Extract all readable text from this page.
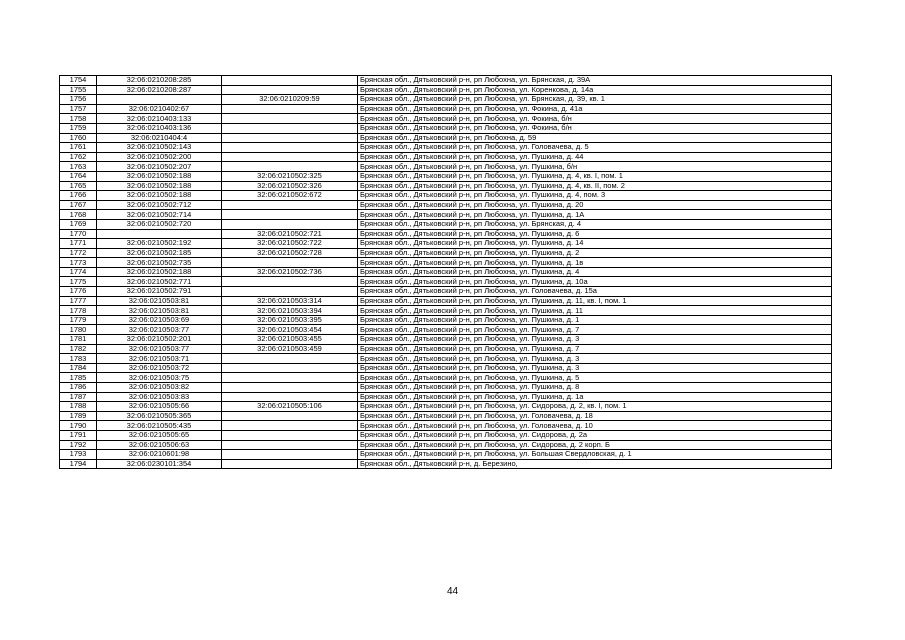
1754	32:06:0210208:285		Брянская обл., Дятьковский р-н, рп Любохна, ул. Брянская, д. 39А
1755	32:06:0210208:287		Брянская обл., Дятьковский р-н, рп Любохна, ул. Коренкова, д. 14а
1756		32:06:0210209:59	Брянская обл., Дятьковский р-н, рп Любохна, ул. Брянская, д. 39, кв. 1
1757	32:06:0210402:67		Брянская обл., Дятьковский р-н, рп Любохна, ул. Фокина, д. 41а
1758	32:06:0210403:133		Брянская обл., Дятьковский р-н, рп Любохна, ул. Фокина, б/н
1759	32:06:0210403:136		Брянская обл., Дятьковский р-н, рп Любохна, ул. Фокина, б/н
1760	32:06:0210404:4		Брянская обл., Дятьковский р-н, рп Любохна, д. 59
1761	32:06:0210502:143		Брянская обл., Дятьковский р-н, рп Любохна, ул. Головачева, д. 5
1762	32:06:0210502:200		Брянская обл., Дятьковский р-н, рп Любохна, ул. Пушкина, д. 44
1763	32:06:0210502:207		Брянская обл., Дятьковский р-н, рп Любохна, ул. Пушкина, б/н
1764	32:06:0210502:188	32:06:0210502:325	Брянская обл., Дятьковский р-н, рп Любохна, ул. Пушкина, д. 4, кв. I, пом. 1
1765	32:06:0210502:188	32:06:0210502:326	Брянская обл., Дятьковский р-н, рп Любохна, ул. Пушкина, д. 4, кв. II, пом. 2
1766	32:06:0210502:188	32:06:0210502:672	Брянская обл., Дятьковский р-н, рп Любохна, ул. Пушкина, д. 4, пом. 3
1767	32:06:0210502:712		Брянская обл., Дятьковский р-н, рп Любохна, ул. Пушкина, д. 20
1768	32:06:0210502:714		Брянская обл., Дятьковский р-н, рп Любохна, ул. Пушкина, д. 1А
1769	32:06:0210502:720		Брянская обл., Дятьковский р-н, рп Любохна, ул. Брянская, д. 4
1770		32:06:0210502:721	Брянская обл., Дятьковский р-н, рп Любохна, ул. Пушкина, д. 6
1771	32:06:0210502:192	32:06:0210502:722	Брянская обл., Дятьковский р-н, рп Любохна, ул. Пушкина, д. 14
1772	32:06:0210502:185	32:06:0210502:728	Брянская обл., Дятьковский р-н, рп Любохна, ул. Пушкина, д. 2
1773	32:06:0210502:735		Брянская обл., Дятьковский р-н, рп Любохна, ул. Пушкина, д. 1в
1774	32:06:0210502:188	32:06:0210502:736	Брянская обл., Дятьковский р-н, рп Любохна, ул. Пушкина, д. 4
1775	32:06:0210502:771		Брянская обл., Дятьковский р-н, рп Любохна, ул. Пушкина, д. 10а
1776	32:06:0210502:791		Брянская обл., Дятьковский р-н, рп Любохна, ул. Головачева, д. 15а
1777	32:06:0210503:81	32:06:0210503:314	Брянская обл., Дятьковский р-н, рп Любохна, ул. Пушкина, д. 11, кв. I, пом. 1
1778	32:06:0210503:81	32:06:0210503:394	Брянская обл., Дятьковский р-н, рп Любохна, ул. Пушкина, д. 11
1779	32:06:0210503:69	32:06:0210503:395	Брянская обл., Дятьковский р-н, рп Любохна, ул. Пушкина, д. 1
1780	32:06:0210503:77	32:06:0210503:454	Брянская обл., Дятьковский р-н, рп Любохна, ул. Пушкина, д. 7
1781	32:06:0210502:201	32:06:0210503:455	Брянская обл., Дятьковский р-н, рп Любохна, ул. Пушкина, д. 3
1782	32:06:0210503:77	32:06:0210503:459	Брянская обл., Дятьковский р-н, рп Любохна, ул. Пушкина, д. 7
1783	32:06:0210503:71		Брянская обл., Дятьковский р-н, рп Любохна, ул. Пушкина, д. 3
1784	32:06:0210503:72		Брянская обл., Дятьковский р-н, рп Любохна, ул. Пушкина, д. 3
1785	32:06:0210503:75		Брянская обл., Дятьковский р-н, рп Любохна, ул. Пушкина, д. 5
1786	32:06:0210503:82		Брянская обл., Дятьковский р-н, рп Любохна, ул. Пушкина, д. 8
1787	32:06:0210503:83		Брянская обл., Дятьковский р-н, рп Любохна, ул. Пушкина, д. 1а
1788	32:06:0210505:66	32:06:0210505:106	Брянская обл., Дятьковский р-н, рп Любохна, ул. Сидорова, д. 2, кв. I, пом. 1
1789	32:06:0210505:365		Брянская обл., Дятьковский р-н, рп Любохна, ул. Головачева, д. 18
1790	32:06:0210505:435		Брянская обл., Дятьковский р-н, рп Любохна, ул. Головачева, д. 10
1791	32:06:0210505:65		Брянская обл., Дятьковский р-н, рп Любохна, ул. Сидорова, д. 2а
1792	32:06:0210506:63		Брянская обл., Дятьковский р-н, рп Любохна, ул. Сидорова, д. 2 корп. Б
1793	32:06:0210601:98		Брянская обл., Дятьковский р-н, рп Любохна, ул. Большая Свердловская, д. 1
1794	32:06:0230101:354		Брянская обл., Дятьковский р-н, д. Березино,
44
